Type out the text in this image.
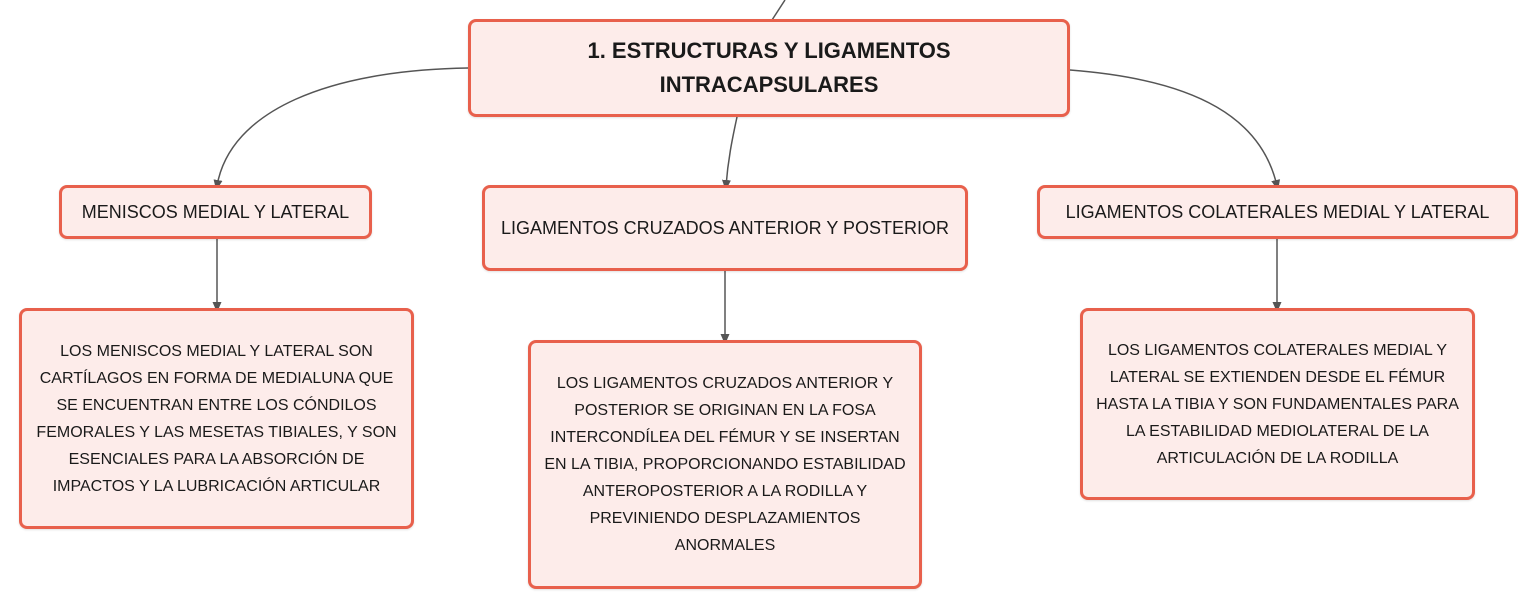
1. ESTRUCTURAS Y LIGAMENTOS INTRACAPSULARES
MENISCOS MEDIAL Y LATERAL
LIGAMENTOS CRUZADOS ANTERIOR Y POSTERIOR
LIGAMENTOS COLATERALES MEDIAL Y LATERAL
LOS MENISCOS MEDIAL Y LATERAL SON CARTÍLAGOS EN FORMA DE MEDIALUNA QUE SE ENCUENTRAN ENTRE LOS CÓNDILOS FEMORALES Y LAS MESETAS TIBIALES, Y SON ESENCIALES PARA LA ABSORCIÓN DE IMPACTOS Y LA LUBRICACIÓN ARTICULAR
LOS LIGAMENTOS CRUZADOS ANTERIOR Y POSTERIOR SE ORIGINAN EN LA FOSA INTERCONDÍLEA DEL FÉMUR Y SE INSERTAN EN LA TIBIA, PROPORCIONANDO ESTABILIDAD ANTEROPOSTERIOR A LA RODILLA Y PREVINIENDO DESPLAZAMIENTOS ANORMALES
LOS LIGAMENTOS COLATERALES MEDIAL Y LATERAL SE EXTIENDEN DESDE EL FÉMUR HASTA LA TIBIA Y SON FUNDAMENTALES PARA LA ESTABILIDAD MEDIOLATERAL DE LA ARTICULACIÓN DE LA RODILLA
